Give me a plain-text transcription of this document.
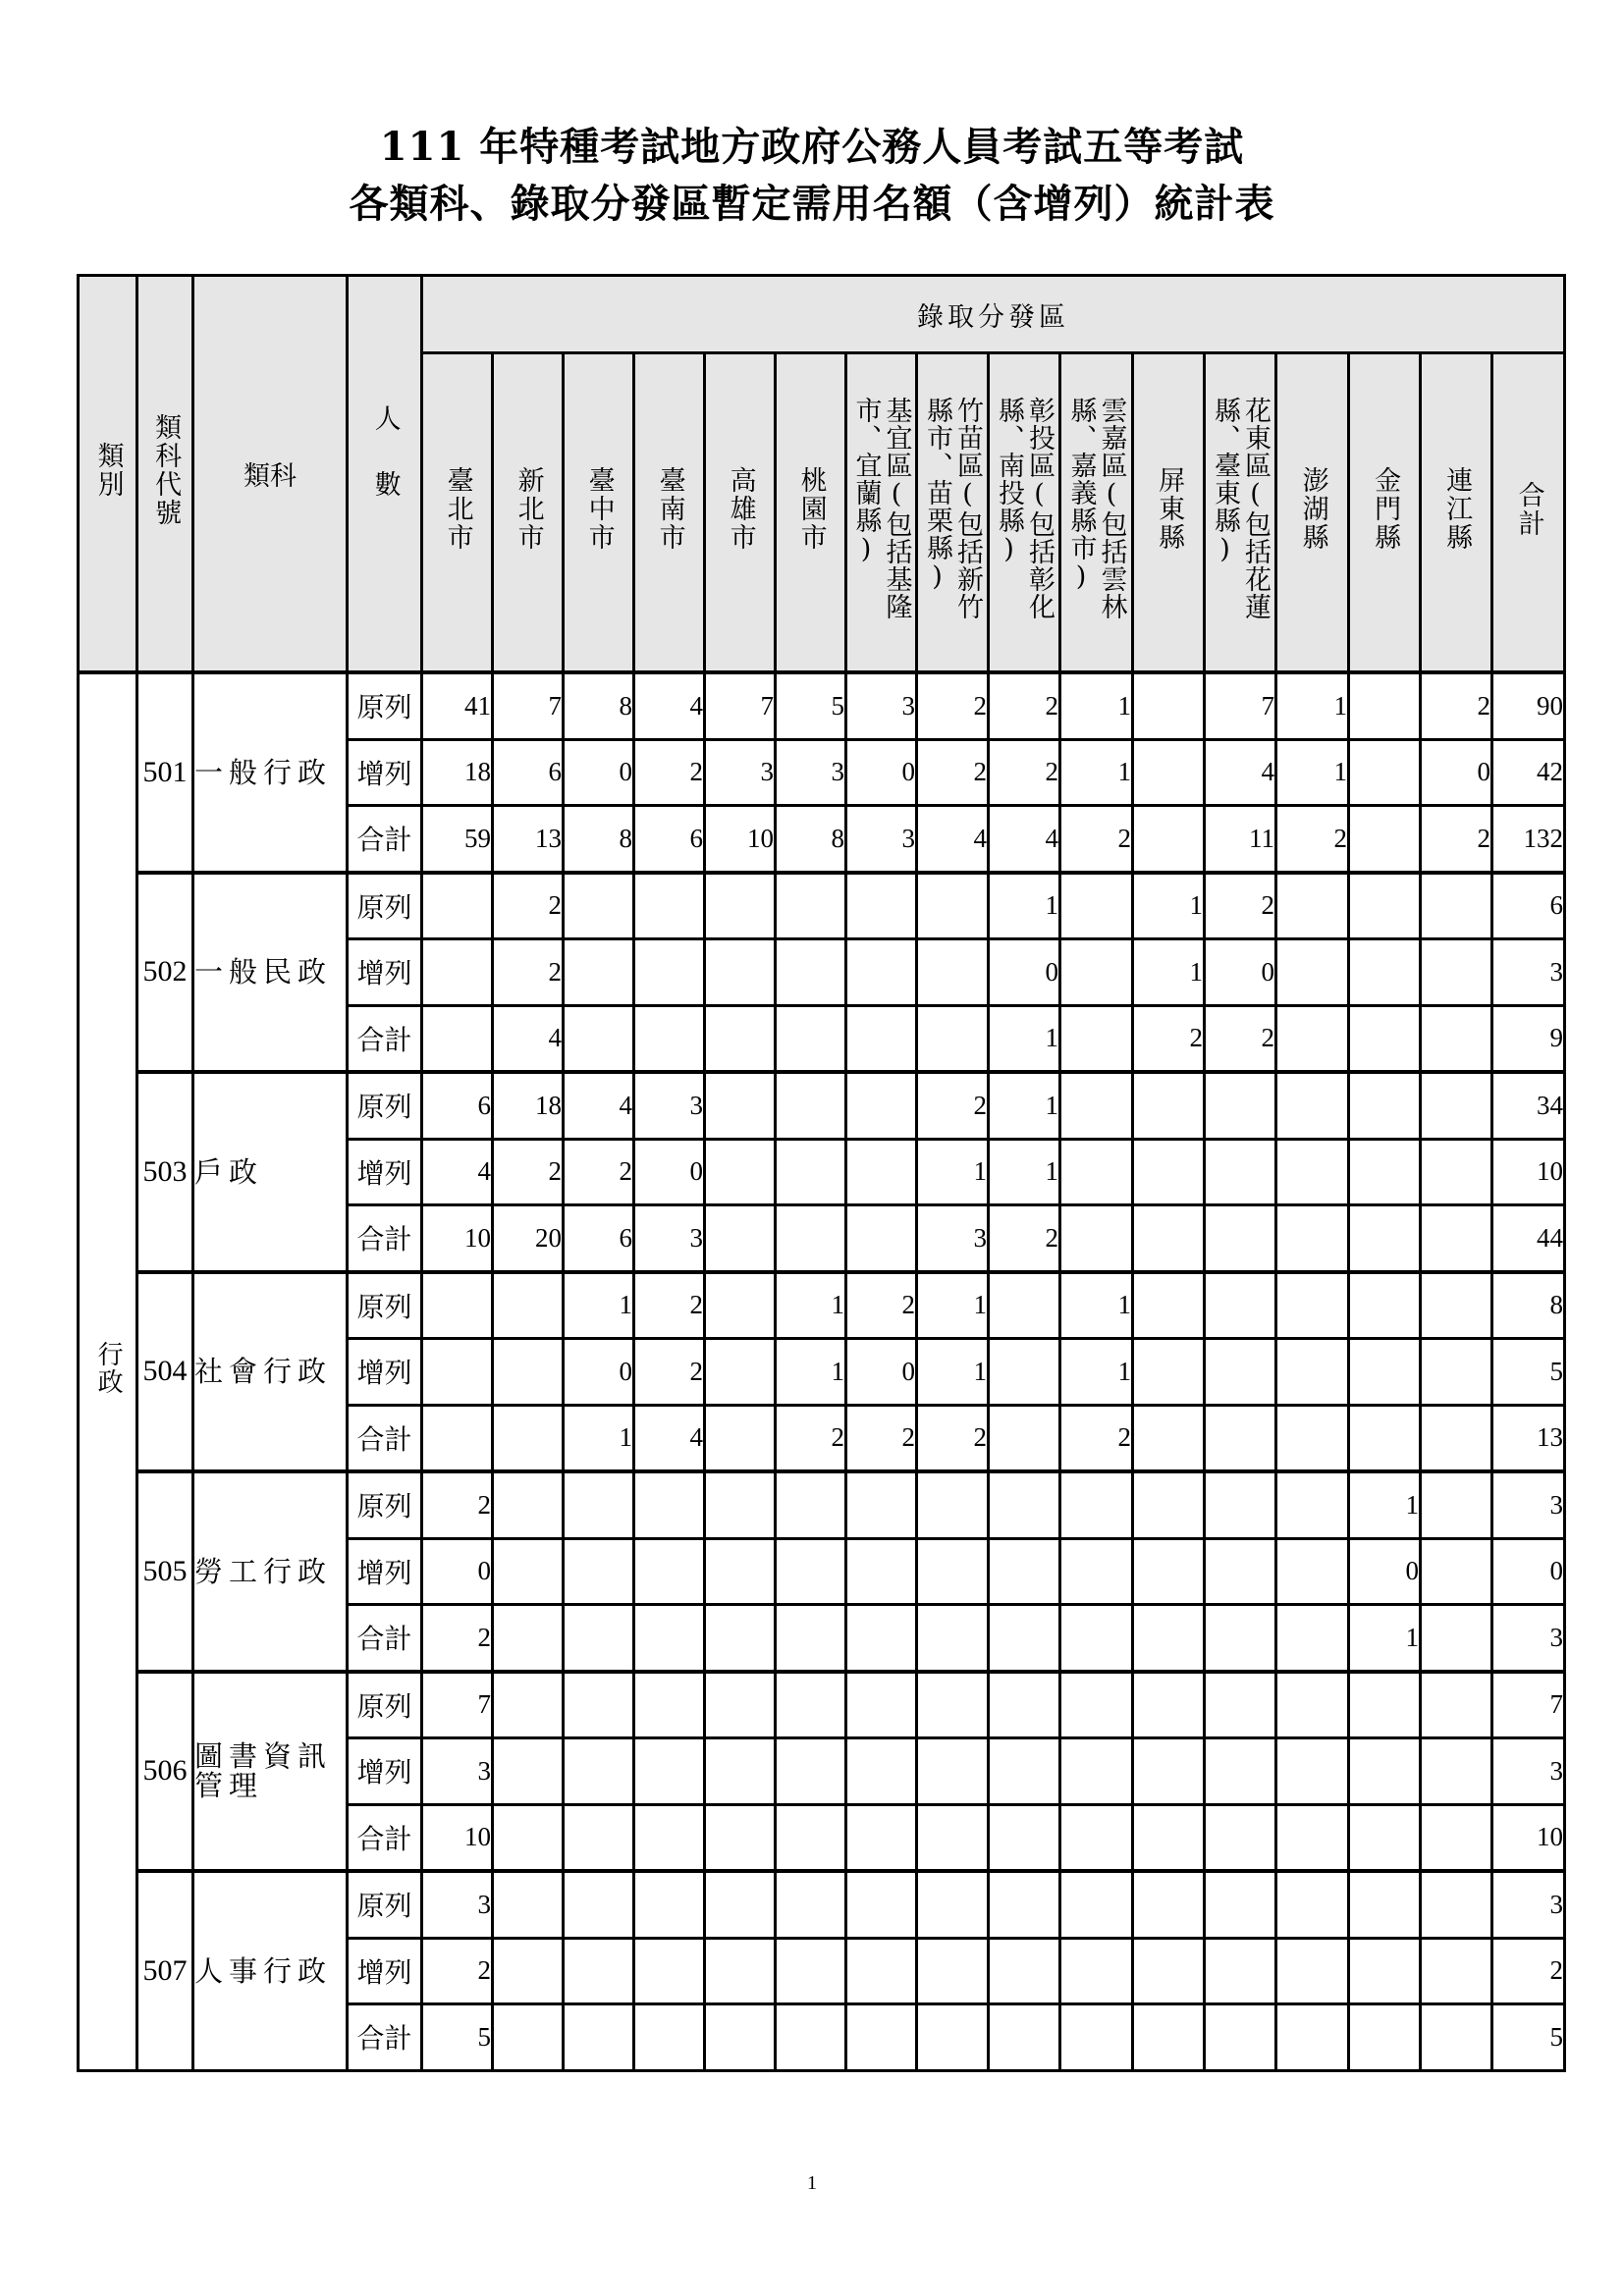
111 年特種考試地方政府公務人員考試五等考試
各類科、錄取分發區暫定需用名額（含增列）統計表
類別	類科代號	類科	人數	錄取分發區															
				臺北市	新北市	臺中市	臺南市	高雄市	桃園市	基宜區(包括基隆市、宜蘭縣)	竹苗區(包括新竹縣市、苗栗縣)	彰投區(包括彰化縣、南投縣)	雲嘉區(包括雲林縣、嘉義縣市)	屏東縣	花東區(包括花蓮縣、臺東縣)	澎湖縣	金門縣	連江縣	合計
行政	501	一般行政	原列	41	7	8	4	7	5	3	2	2	1		7	1		2	90
			增列	18	6	0	2	3	3	0	2	2	1		4	1		0	42
			合計	59	13	8	6	10	8	3	4	4	2		11	2		2	132
	502	一般民政	原列		2							1		1	2				6
			增列		2							0		1	0				3
			合計		4							1		2	2				9
	503	戶政	原列	6	18	4	3				2	1							34
			增列	4	2	2	0				1	1							10
			合計	10	20	6	3				3	2							44
	504	社會行政	原列			1	2		1	2	1		1						8
			增列			0	2		1	0	1		1						5
			合計			1	4		2	2	2		2						13
	505	勞工行政	原列	2													1		3
			增列	0													0		0
			合計	2													1		3
	506	圖書資訊管理	原列	7															7
			增列	3															3
			合計	10															10
	507	人事行政	原列	3															3
			增列	2															2
			合計	5															5
1
